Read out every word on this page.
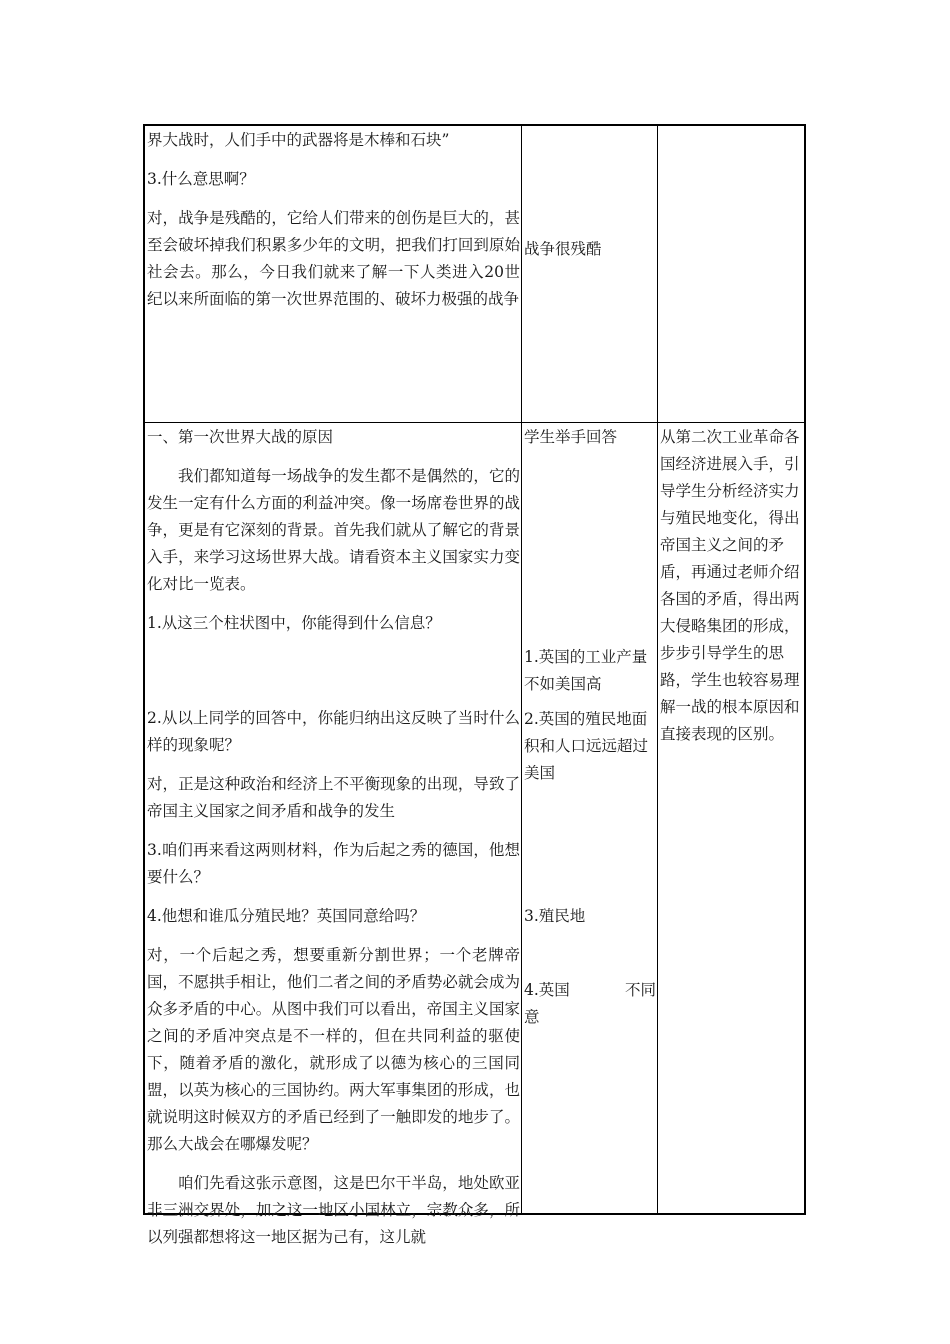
界大战时，人们手中的武器将是木棒和石块”

3.什么意思啊？

对，战争是残酷的，它给人们带来的创伤是巨大的，甚至会破坏掉我们积累多少年的文明，把我们打回到原始社会去。那么，今日我们就来了解一下人类进入20世纪以来所面临的第一次世界范围的、破坏力极强的战争

战争很残酷

一、第一次世界大战的原因

我们都知道每一场战争的发生都不是偶然的，它的发生一定有什么方面的利益冲突。像一场席卷世界的战争，更是有它深刻的背景。首先我们就从了解它的背景入手，来学习这场世界大战。请看资本主义国家实力变化对比一览表。

1.从这三个柱状图中，你能得到什么信息？

2.从以上同学的回答中，你能归纳出这反映了当时什么样的现象呢？

对，正是这种政治和经济上不平衡现象的出现，导致了帝国主义国家之间矛盾和战争的发生

3.咱们再来看这两则材料，作为后起之秀的德国，他想要什么？

4.他想和谁瓜分殖民地？英国同意给吗？

对，一个后起之秀，想要重新分割世界；一个老牌帝国，不愿拱手相让，他们二者之间的矛盾势必就会成为众多矛盾的中心。从图中我们可以看出，帝国主义国家之间的矛盾冲突点是不一样的，但在共同利益的驱使下，随着矛盾的激化，就形成了以德为核心的三国同盟，以英为核心的三国协约。两大军事集团的形成，也就说明这时候双方的矛盾已经到了一触即发的地步了。那么大战会在哪爆发呢？

咱们先看这张示意图，这是巴尔干半岛，地处欧亚非三洲交界处，加之这一地区小国林立，宗教众多，所以列强都想将这一地区据为己有，这儿就

学生举手回答
1.英国的工业产量不如美国高
2.英国的殖民地面积和人口远远超过美国
3.殖民地
4.英国	不同
意
从第二次工业革命各国经济进展入手，引导学生分析经济实力与殖民地变化，得出帝国主义之间的矛盾，再通过老师介绍各国的矛盾，得出两大侵略集团的形成，步步引导学生的思路，学生也较容易理解一战的根本原因和直接表现的区别。
